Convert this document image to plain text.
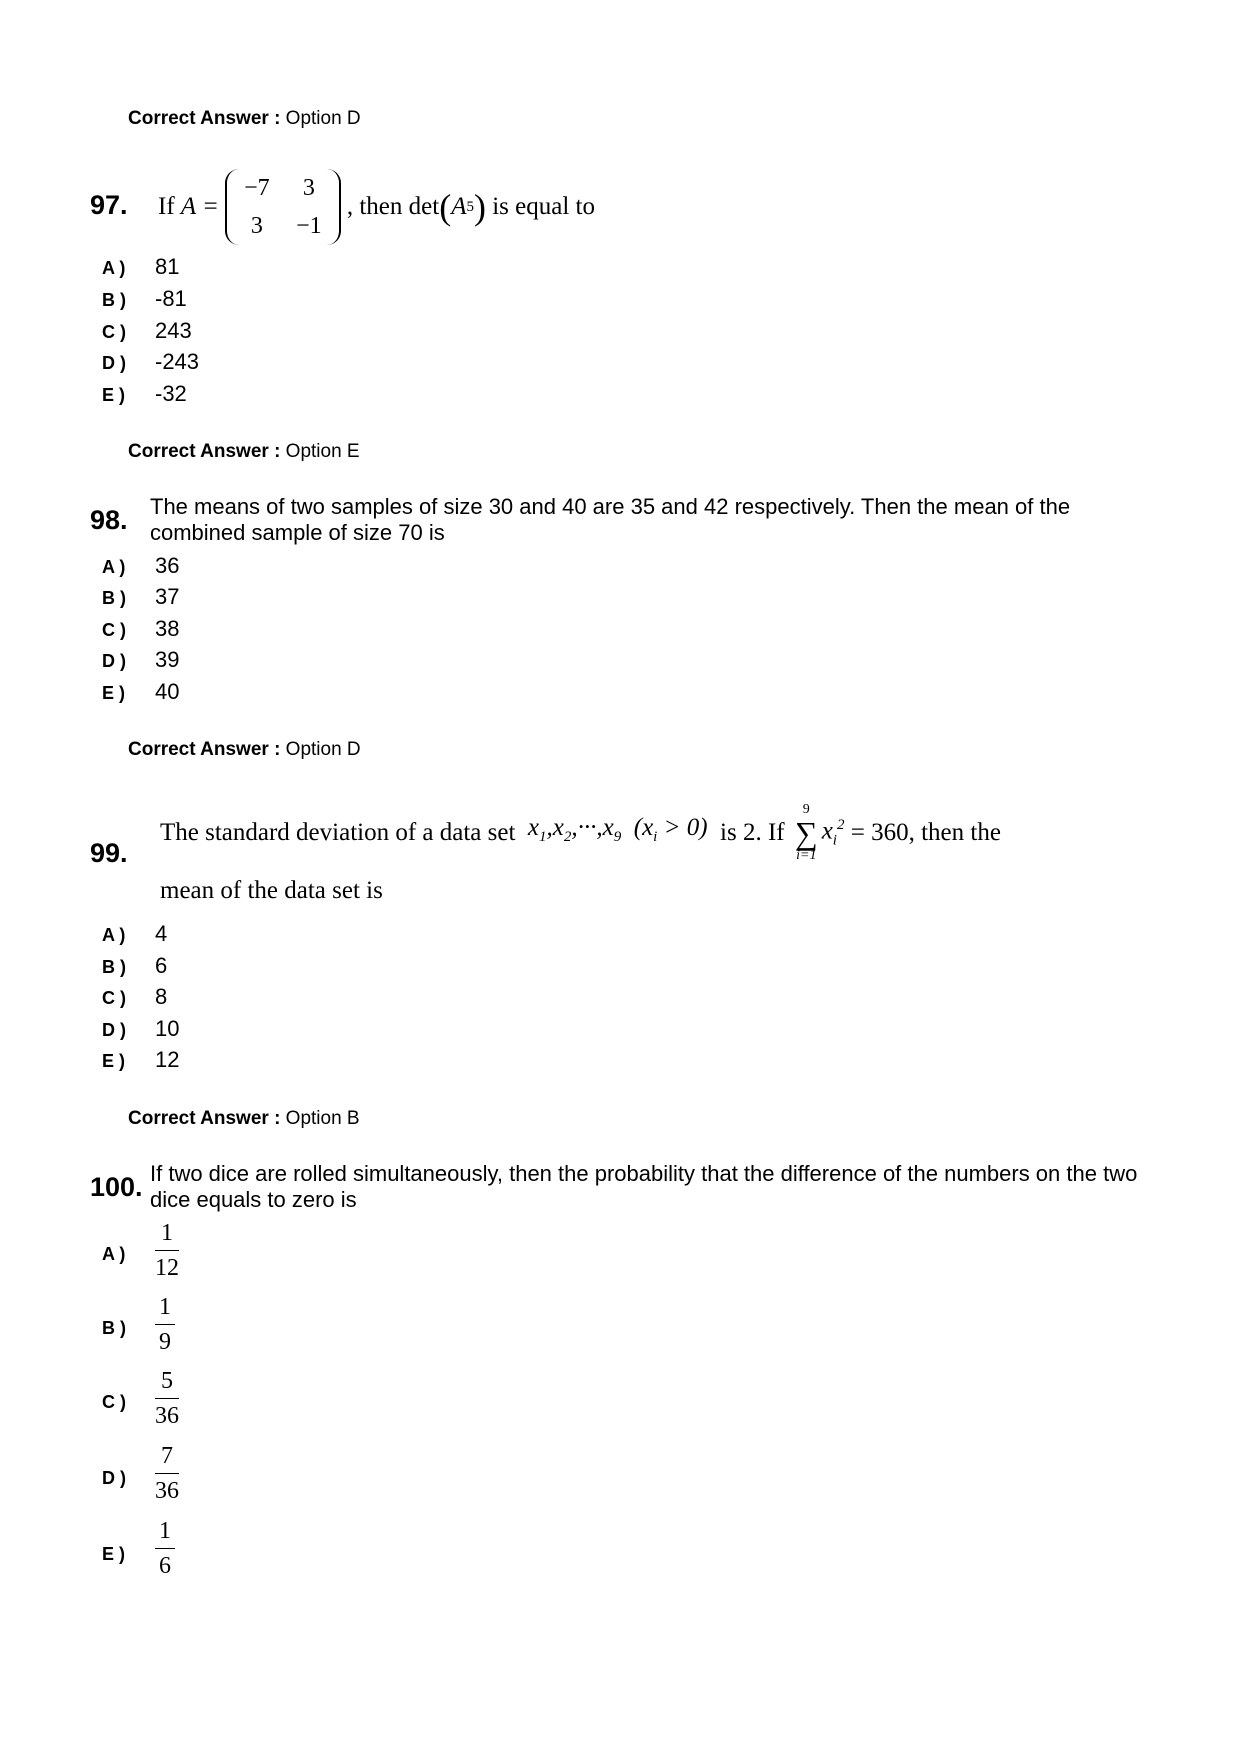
Correct Answer : Option D
97. If
A =
−7	3
3	−1
, then det ( A 5 )
is equal to
A ) 81
B ) -81
C ) 243
D ) -243
E ) -32
Correct Answer : Option E
98. The means of two samples of size 30 and 40 are 35 and 42 respectively. Then the mean of the combined sample of size 70 is
A ) 36
B ) 37
C ) 38
D ) 39
E ) 40
Correct Answer : Option D
99.
The standard deviation of a data set
$x_1,x_2,\cdot\cdot\cdot,x_9$
$(x_i > 0)$
is 2. If

9
∑
i=1
$x_i^2$
= 360 , then the
mean of the data set is
A ) 4
B ) 6
C ) 8
D ) 10
E ) 12
Correct Answer : Option B
100. If two dice are rolled simultaneously, then the probability that the difference of the numbers on the two dice equals to zero is
A ) $\frac{1}{12}$
B ) $\frac{1}{9}$
C ) $\frac{5}{36}$
D ) $\frac{7}{36}$
E ) $\frac{1}{6}$
